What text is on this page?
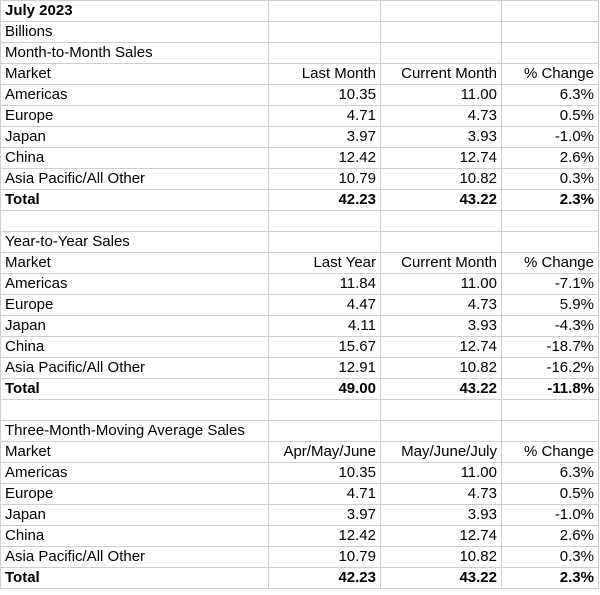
July 2023			
Billions			
Month-to-Month Sales			
Market	Last Month	Current Month	% Change
Americas	10.35	11.00	6.3%
Europe	4.71	4.73	0.5%
Japan	3.97	3.93	-1.0%
China	12.42	12.74	2.6%
Asia Pacific/All Other	10.79	10.82	0.3%
Total	42.23	43.22	2.3%

Year-to-Year Sales			
Market	Last Year	Current Month	% Change
Americas	11.84	11.00	-7.1%
Europe	4.47	4.73	5.9%
Japan	4.11	3.93	-4.3%
China	15.67	12.74	-18.7%
Asia Pacific/All Other	12.91	10.82	-16.2%
Total	49.00	43.22	-11.8%

Three-Month-Moving Average Sales			
Market	Apr/May/June	May/June/July	% Change
Americas	10.35	11.00	6.3%
Europe	4.71	4.73	0.5%
Japan	3.97	3.93	-1.0%
China	12.42	12.74	2.6%
Asia Pacific/All Other	10.79	10.82	0.3%
Total	42.23	43.22	2.3%
